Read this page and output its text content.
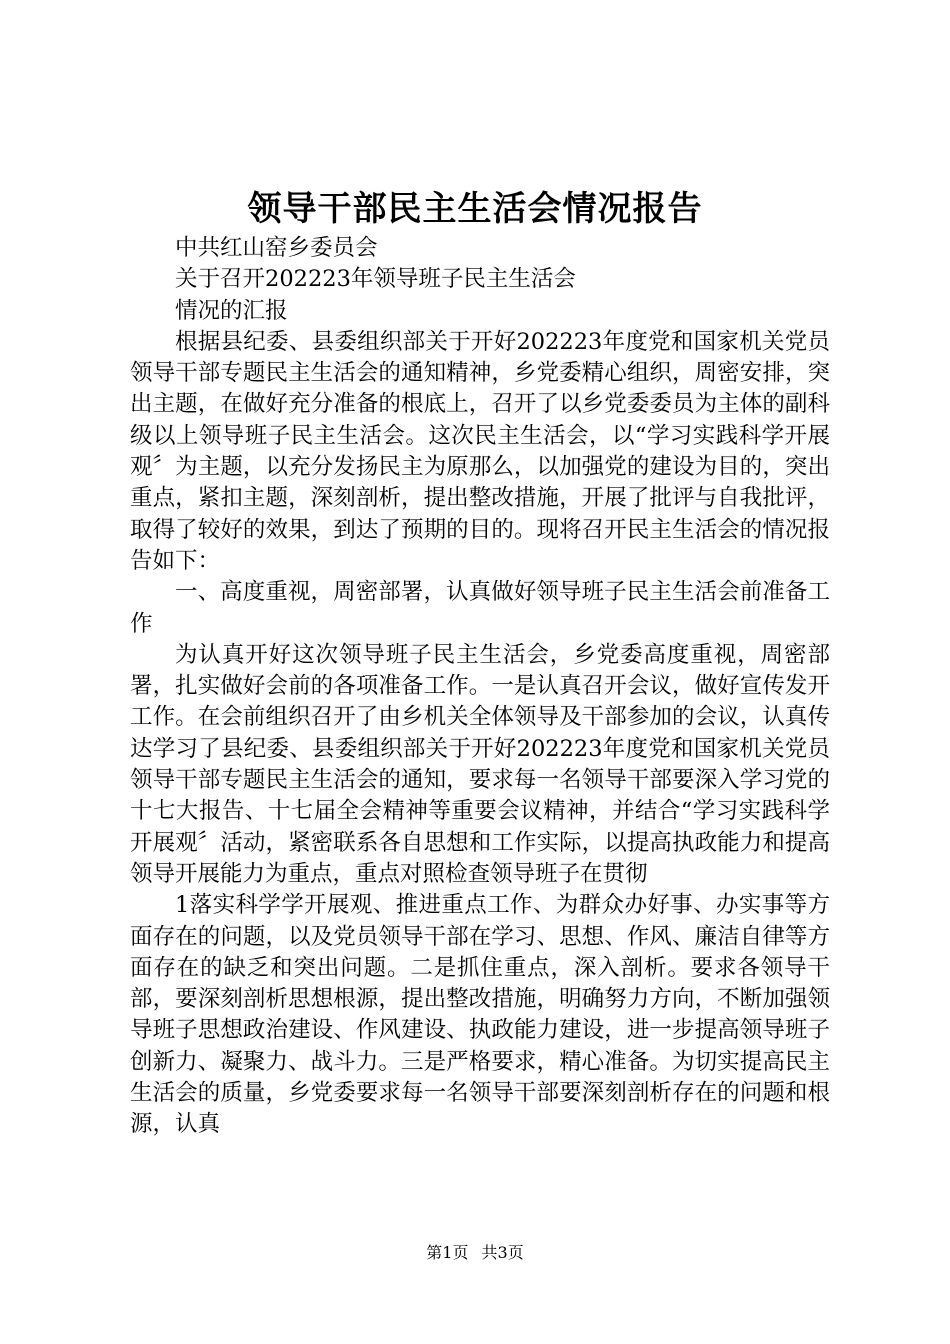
领导干部民主生活会情况报告

中共红山窑乡委员会

关于召开202223年领导班子民主生活会

情况的汇报

根据县纪委、县委组织部关于开好202223年度党和国家机关党员领导干部专题民主生活会的通知精神，乡党委精心组织，周密安排，突出主题，在做好充分准备的根底上，召开了以乡党委委员为主体的副科级以上领导班子民主生活会。这次民主生活会，以“学习实践科学开展观〞为主题，以充分发扬民主为原那么，以加强党的建设为目的，突出重点，紧扣主题，深刻剖析，提出整改措施，开展了批评与自我批评，取得了较好的效果，到达了预期的目的。现将召开民主生活会的情况报告如下：

一、高度重视，周密部署，认真做好领导班子民主生活会前准备工作

为认真开好这次领导班子民主生活会，乡党委高度重视，周密部署，扎实做好会前的各项准备工作。一是认真召开会议，做好宣传发开工作。在会前组织召开了由乡机关全体领导及干部参加的会议，认真传达学习了县纪委、县委组织部关于开好202223年度党和国家机关党员领导干部专题民主生活会的通知，要求每一名领导干部要深入学习党的十七大报告、十七届全会精神等重要会议精神，并结合“学习实践科学开展观〞活动，紧密联系各自思想和工作实际，以提高执政能力和提高领导开展能力为重点，重点对照检查领导班子在贯彻

1落实科学学开展观、推进重点工作、为群众办好事、办实事等方面存在的问题，以及党员领导干部在学习、思想、作风、廉洁自律等方面存在的缺乏和突出问题。二是抓住重点，深入剖析。要求各领导干部，要深刻剖析思想根源，提出整改措施，明确努力方向，不断加强领导班子思想政治建设、作风建设、执政能力建设，进一步提高领导班子创新力、凝聚力、战斗力。三是严格要求，精心准备。为切实提高民主生活会的质量，乡党委要求每一名领导干部要深刻剖析存在的问题和根源，认真

第1页 共3页
